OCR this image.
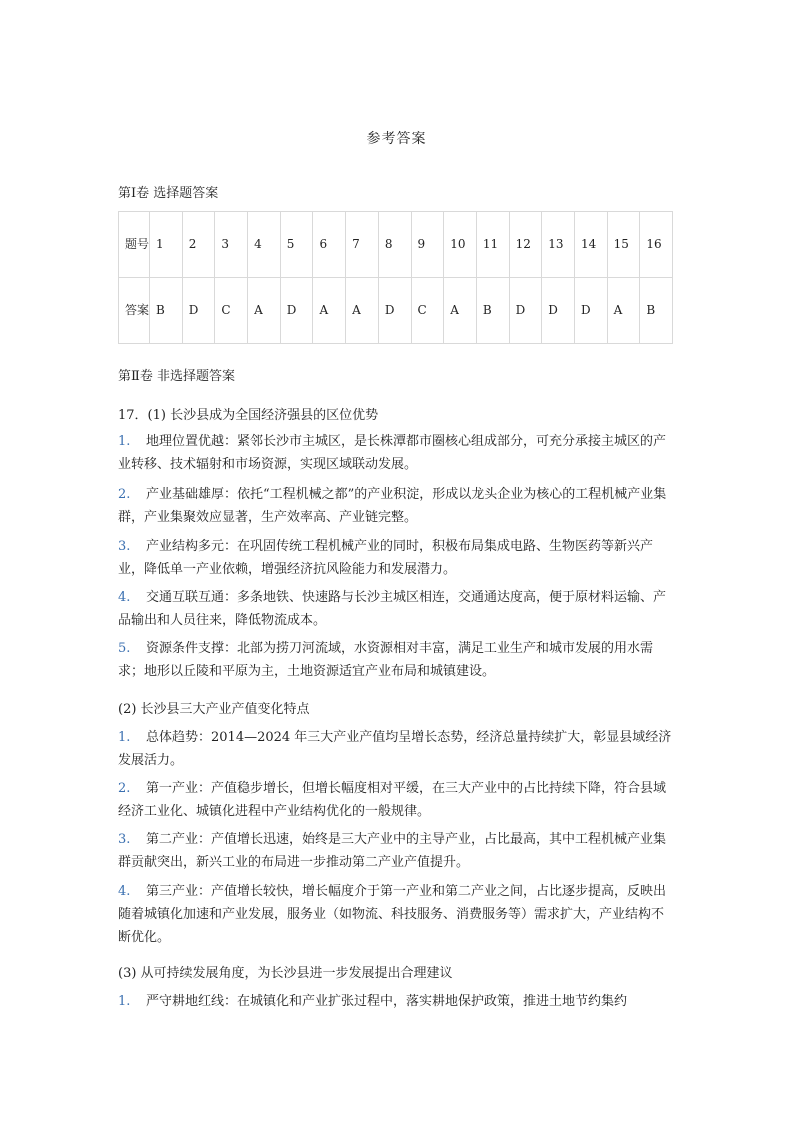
参考答案
第Ⅰ卷 选择题答案
题号	1	2	3	4	5	6	7	8	9	10	11	12	13	14	15	16
答案	B	D	C	A	D	A	A	D	C	A	B	D	D	D	A	B
第Ⅱ卷 非选择题答案
17．(1) 长沙县成为全国经济强县的区位优势
1. 地理位置优越：紧邻长沙市主城区，是长株潭都市圈核心组成部分，可充分承接主城区的产业转移、技术辐射和市场资源，实现区域联动发展。
2. 产业基础雄厚：依托“工程机械之都”的产业积淀，形成以龙头企业为核心的工程机械产业集群，产业集聚效应显著，生产效率高、产业链完整。
3. 产业结构多元：在巩固传统工程机械产业的同时，积极布局集成电路、生物医药等新兴产业，降低单一产业依赖，增强经济抗风险能力和发展潜力。
4. 交通互联互通：多条地铁、快速路与长沙主城区相连，交通通达度高，便于原材料运输、产品输出和人员往来，降低物流成本。
5. 资源条件支撑：北部为捞刀河流域，水资源相对丰富，满足工业生产和城市发展的用水需求；地形以丘陵和平原为主，土地资源适宜产业布局和城镇建设。
(2) 长沙县三大产业产值变化特点
1. 总体趋势：2014—2024 年三大产业产值均呈增长态势，经济总量持续扩大，彰显县域经济发展活力。
2. 第一产业：产值稳步增长，但增长幅度相对平缓，在三大产业中的占比持续下降，符合县域经济工业化、城镇化进程中产业结构优化的一般规律。
3. 第二产业：产值增长迅速，始终是三大产业中的主导产业，占比最高，其中工程机械产业集群贡献突出，新兴工业的布局进一步推动第二产业产值提升。
4. 第三产业：产值增长较快，增长幅度介于第一产业和第二产业之间，占比逐步提高，反映出随着城镇化加速和产业发展，服务业（如物流、科技服务、消费服务等）需求扩大，产业结构不断优化。
(3) 从可持续发展角度，为长沙县进一步发展提出合理建议
1. 严守耕地红线：在城镇化和产业扩张过程中，落实耕地保护政策，推进土地节约集约
